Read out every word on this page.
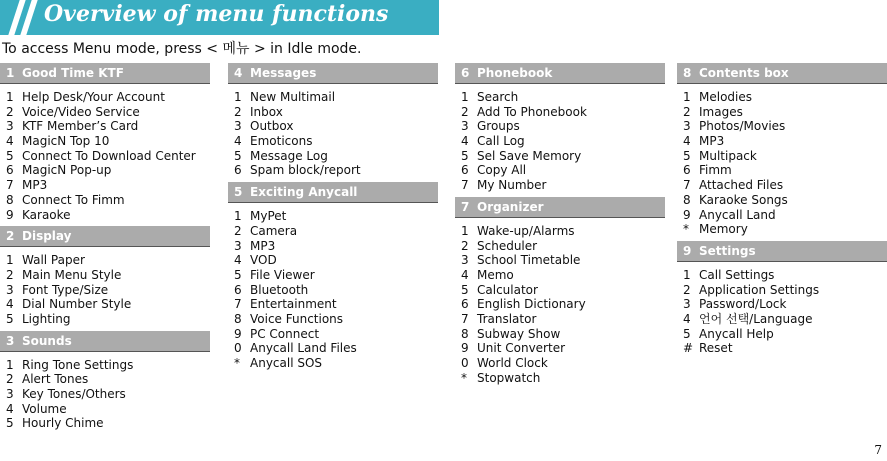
Overview of menu functions
To access Menu mode, press < 메뉴 > in Idle mode.
1 Good Time KTF
1 Help Desk/Your Account
2 Voice/Video Service
3 KTF Member’s Card
4 MagicN Top 10
5 Connect To Download Center
6 MagicN Pop-up
7 MP3
8 Connect To Fimm
9 Karaoke
2 Display
1 Wall Paper
2 Main Menu Style
3 Font Type/Size
4 Dial Number Style
5 Lighting
3 Sounds
1 Ring Tone Settings
2 Alert Tones
3 Key Tones/Others
4 Volume
5 Hourly Chime
4 Messages
1 New Multimail
2 Inbox
3 Outbox
4 Emoticons
5 Message Log
6 Spam block/report
5 Exciting Anycall
1 MyPet
2 Camera
3 MP3
4 VOD
5 File Viewer
6 Bluetooth
7 Entertainment
8 Voice Functions
9 PC Connect
0 Anycall Land Files
* Anycall SOS
6 Phonebook
1 Search
2 Add To Phonebook
3 Groups
4 Call Log
5 Sel Save Memory
6 Copy All
7 My Number
7 Organizer
1 Wake-up/Alarms
2 Scheduler
3 School Timetable
4 Memo
5 Calculator
6 English Dictionary
7 Translator
8 Subway Show
9 Unit Converter
0 World Clock
* Stopwatch
8 Contents box
1 Melodies
2 Images
3 Photos/Movies
4 MP3
5 Multipack
6 Fimm
7 Attached Files
8 Karaoke Songs
9 Anycall Land
* Memory
9 Settings
1 Call Settings
2 Application Settings
3 Password/Lock
4 언어 선택/Language
5 Anycall Help
# Reset
7
